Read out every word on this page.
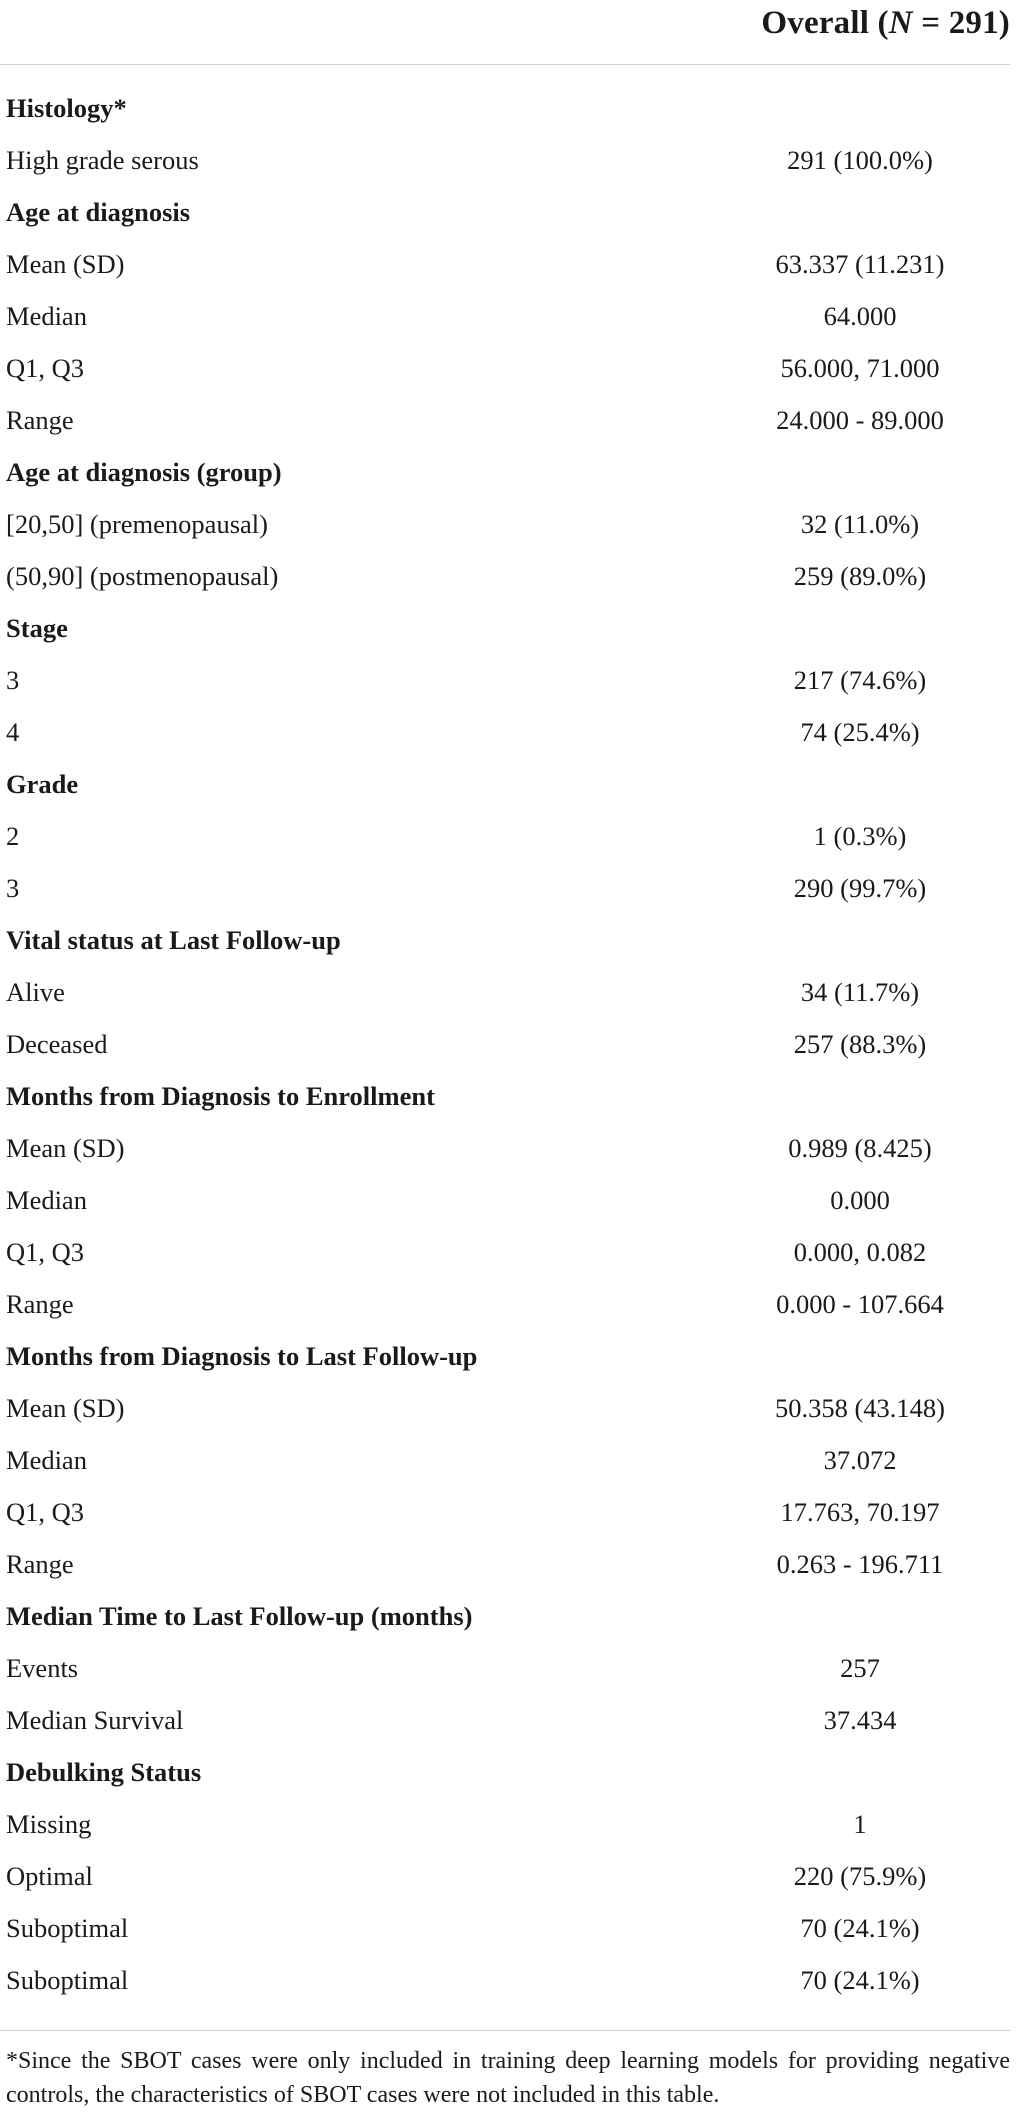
Overall (N = 291)
Histology*
High grade serous	291 (100.0%)
Age at diagnosis
Mean (SD)	63.337 (11.231)
Median	64.000
Q1, Q3	56.000, 71.000
Range	24.000 - 89.000
Age at diagnosis (group)
[20,50] (premenopausal)	32 (11.0%)
(50,90] (postmenopausal)	259 (89.0%)
Stage
3	217 (74.6%)
4	74 (25.4%)
Grade
2	1 (0.3%)
3	290 (99.7%)
Vital status at Last Follow-up
Alive	34 (11.7%)
Deceased	257 (88.3%)
Months from Diagnosis to Enrollment
Mean (SD)	0.989 (8.425)
Median	0.000
Q1, Q3	0.000, 0.082
Range	0.000 - 107.664
Months from Diagnosis to Last Follow-up
Mean (SD)	50.358 (43.148)
Median	37.072
Q1, Q3	17.763, 70.197
Range	0.263 - 196.711
Median Time to Last Follow-up (months)
Events	257
Median Survival	37.434
Debulking Status
Missing	1
Optimal	220 (75.9%)
Suboptimal	70 (24.1%)
Suboptimal	70 (24.1%)
*Since the SBOT cases were only included in training deep learning models for providing negative controls, the characteristics of SBOT cases were not included in this table.
